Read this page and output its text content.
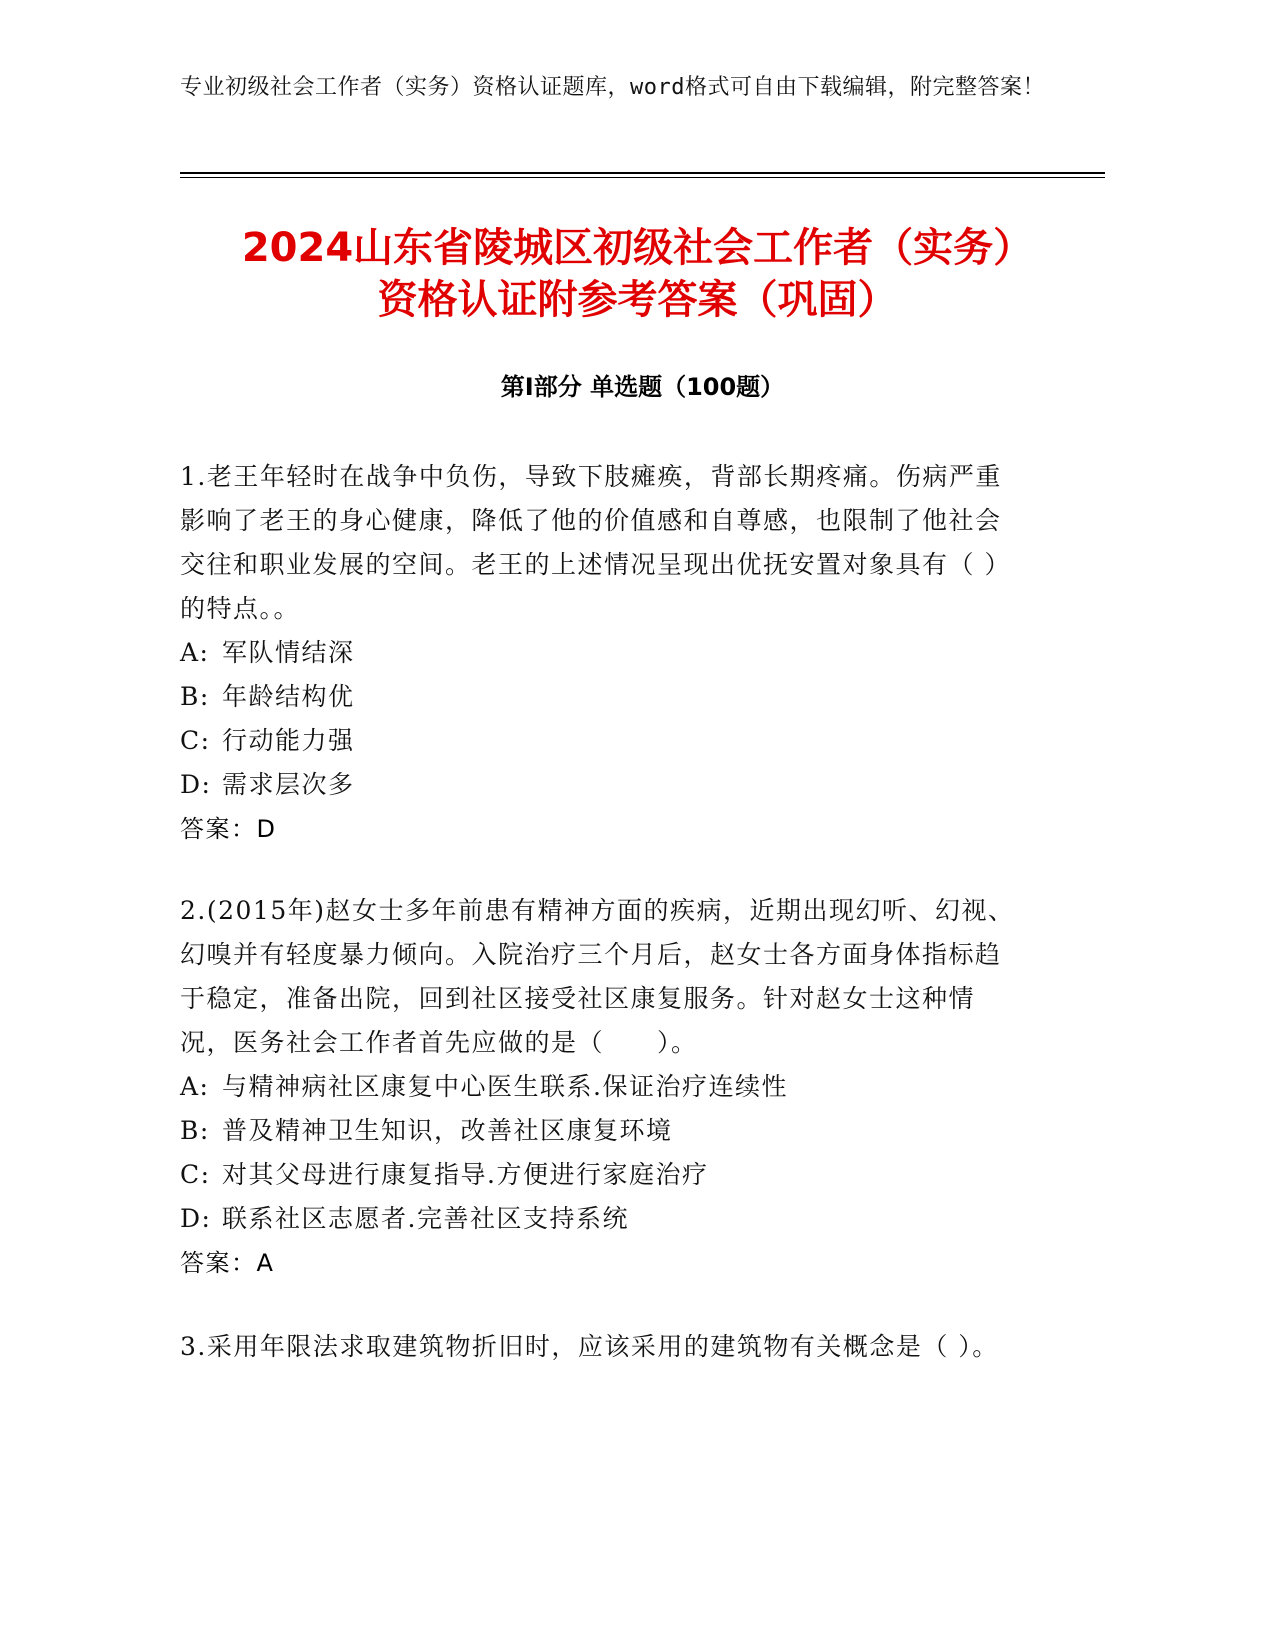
专业初级社会工作者（实务）资格认证题库，word格式可自由下载编辑，附完整答案！
2024山东省陵城区初级社会工作者（实务）
资格认证附参考答案（巩固）
第Ⅰ部分 单选题（100题）

1.老王年轻时在战争中负伤，导致下肢瘫痪，背部长期疼痛。伤病严重影响了老王的身心健康，降低了他的价值感和自尊感，也限制了他社会交往和职业发展的空间。老王的上述情况呈现出优抚安置对象具有（ ）的特点。。

A: 军队情结深

B: 年龄结构优

C: 行动能力强

D: 需求层次多

答案：D

2.(2015年)赵女士多年前患有精神方面的疾病，近期出现幻听、幻视、幻嗅并有轻度暴力倾向。入院治疗三个月后，赵女士各方面身体指标趋于稳定，准备出院，回到社区接受社区康复服务。针对赵女士这种情况，医务社会工作者首先应做的是（　　）。

A: 与精神病社区康复中心医生联系.保证治疗连续性

B: 普及精神卫生知识，改善社区康复环境

C: 对其父母进行康复指导.方便进行家庭治疗

D: 联系社区志愿者.完善社区支持系统

答案：A

3.采用年限法求取建筑物折旧时，应该采用的建筑物有关概念是（ ）。
